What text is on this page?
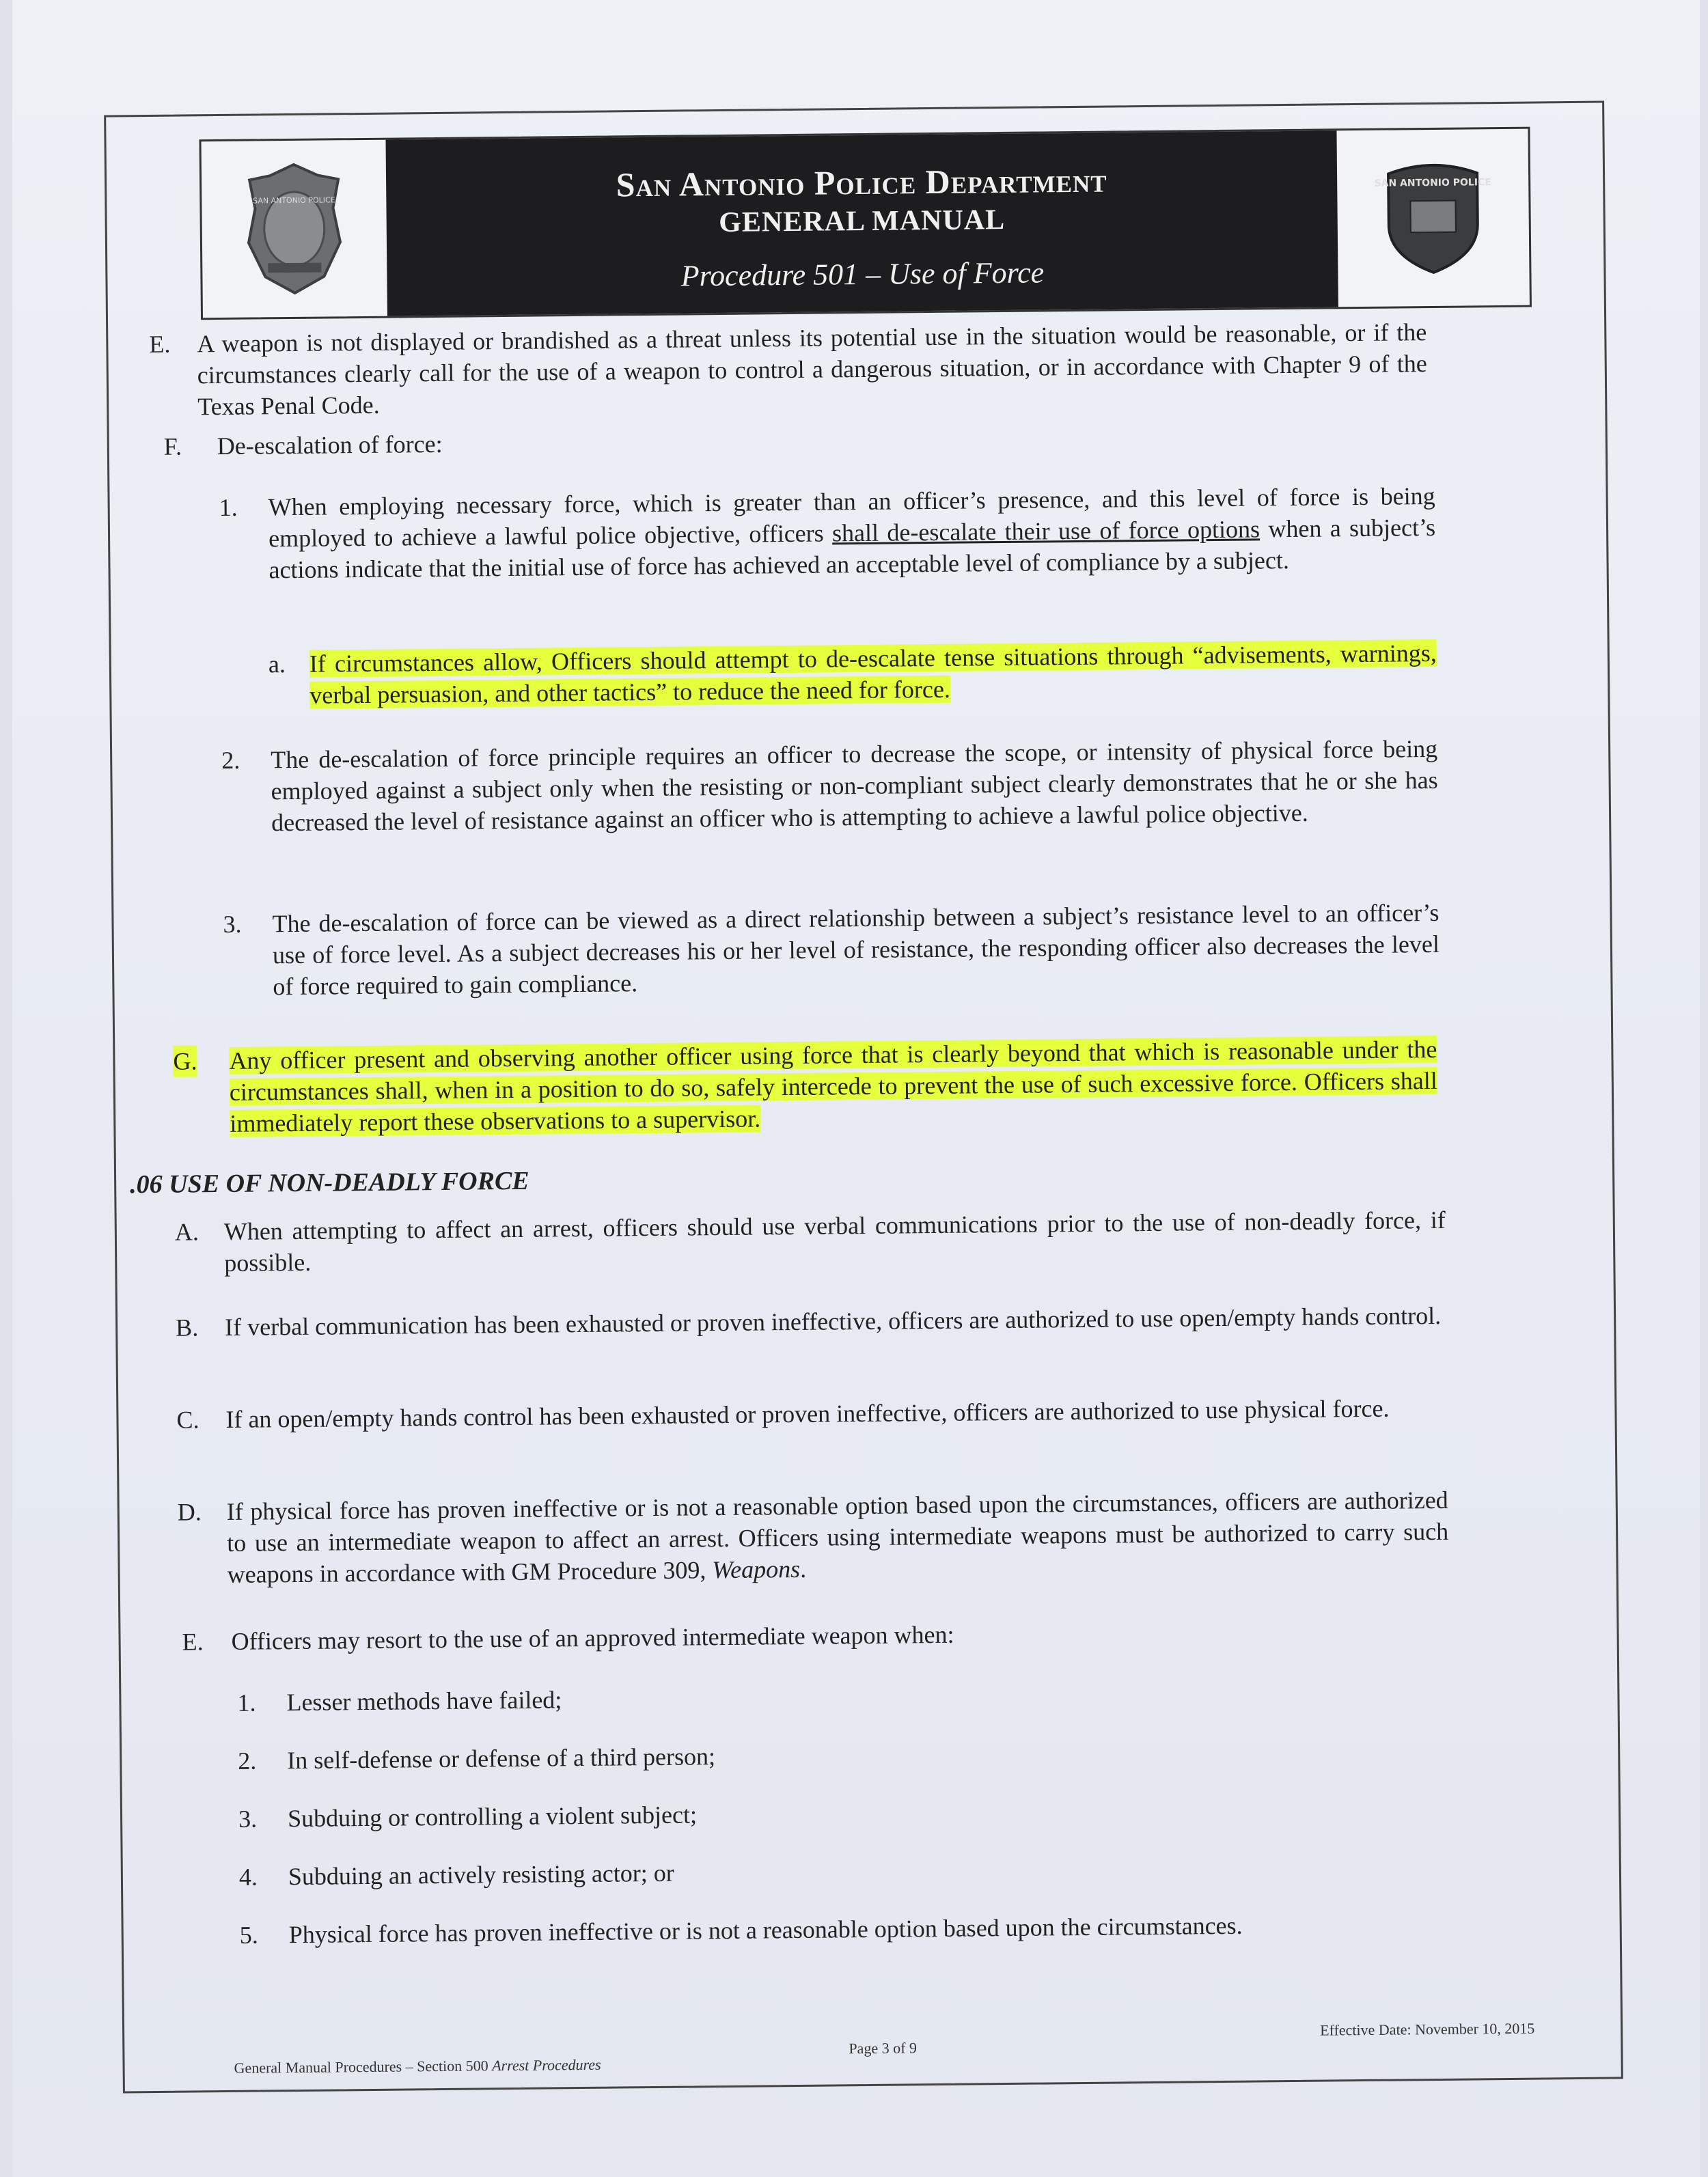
SAN ANTONIO POLICE	San Antonio Police Department
GENERAL MANUAL
Procedure 501 – Use of Force
SAN ANTONIO POLICE
E. A weapon is not displayed or brandished as a threat unless its potential use in the situation would be reasonable, or if the circumstances clearly call for the use of a weapon to control a dangerous situation, or in accordance with Chapter 9 of the Texas Penal Code.
F. De-escalation of force:
1. When employing necessary force, which is greater than an officer’s presence, and this level of force is being employed to achieve a lawful police objective, officers shall de-escalate their use of force options when a subject’s actions indicate that the initial use of force has achieved an acceptable level of compliance by a subject.
a. If circumstances allow, Officers should attempt to de-escalate tense situations through “advisements, warnings, verbal persuasion, and other tactics” to reduce the need for force.
2. The de-escalation of force principle requires an officer to decrease the scope, or intensity of physical force being employed against a subject only when the resisting or non-compliant subject clearly demonstrates that he or she has decreased the level of resistance against an officer who is attempting to achieve a lawful police objective.
3. The de-escalation of force can be viewed as a direct relationship between a subject’s resistance level to an officer’s use of force level. As a subject decreases his or her level of resistance, the responding officer also decreases the level of force required to gain compliance.
G. Any officer present and observing another officer using force that is clearly beyond that which is reasonable under the circumstances shall, when in a position to do so, safely intercede to prevent the use of such excessive force. Officers shall immediately report these observations to a supervisor.
.06 USE OF NON-DEADLY FORCE
A. When attempting to affect an arrest, officers should use verbal communications prior to the use of non-deadly force, if possible.
B. If verbal communication has been exhausted or proven ineffective, officers are authorized to use open/empty hands control.
C. If an open/empty hands control has been exhausted or proven ineffective, officers are authorized to use physical force.
D. If physical force has proven ineffective or is not a reasonable option based upon the circumstances, officers are authorized to use an intermediate weapon to affect an arrest. Officers using intermediate weapons must be authorized to carry such weapons in accordance with GM Procedure 309, Weapons.
E. Officers may resort to the use of an approved intermediate weapon when:
1. Lesser methods have failed;
2. In self-defense or defense of a third person;
3. Subduing or controlling a violent subject;
4. Subduing an actively resisting actor; or
5. Physical force has proven ineffective or is not a reasonable option based upon the circumstances.
General Manual Procedures – Section 500 Arrest Procedures
Page 3 of 9
Effective Date: November 10, 2015
